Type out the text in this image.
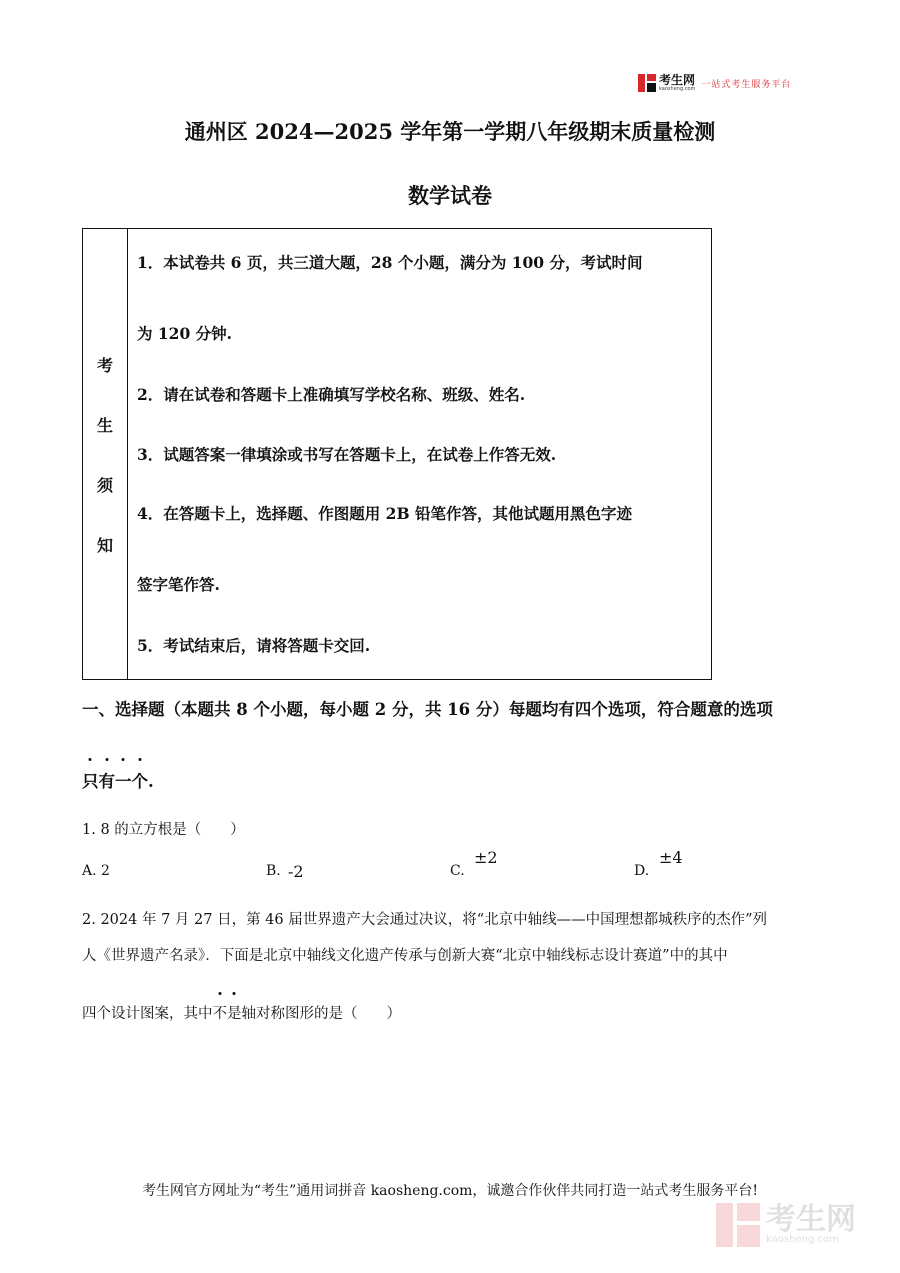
考生网
kaosheng.com 一站式考生服务平台
通州区 2024—2025 学年第一学期八年级期末质量检测
数学试卷
考
生
须
知
1．本试卷共 6 页，共三道大题，28 个小题，满分为 100 分，考试时间
为 120 分钟.
2．请在试卷和答题卡上准确填写学校名称、班级、姓名.
3．试题答案一律填涂或书写在答题卡上，在试卷上作答无效.
4．在答题卡上，选择题、作图题用 2B 铅笔作答，其他试题用黑色字迹
签字笔作答.
5．考试结束后，请将答题卡交回.
一、选择题（本题共 8 个小题，每小题 2 分，共 16 分）每题均有四个选项，符合题意的选项
只
有
一
个.
1. 8 的立方根是（　　）
A. 2	B. -2	C.
±2
D.
±4
2. 2024 年 7 月 27 日，第 46 届世界遗产大会通过决议，将“北京中轴线——中国理想都城秩序的杰作”列
人《世界遗产名录》．下面是北京中轴线文化遗产传承与创新大赛“北京中轴线标志设计赛道”中的其中
四个设计图案，其中
不
是轴对称图形的是（　　）
考生网官方网址为“考生”通用词拼音 kaosheng.com，诚邀合作伙伴共同打造一站式考生服务平台!
考生网
kaosheng.com
